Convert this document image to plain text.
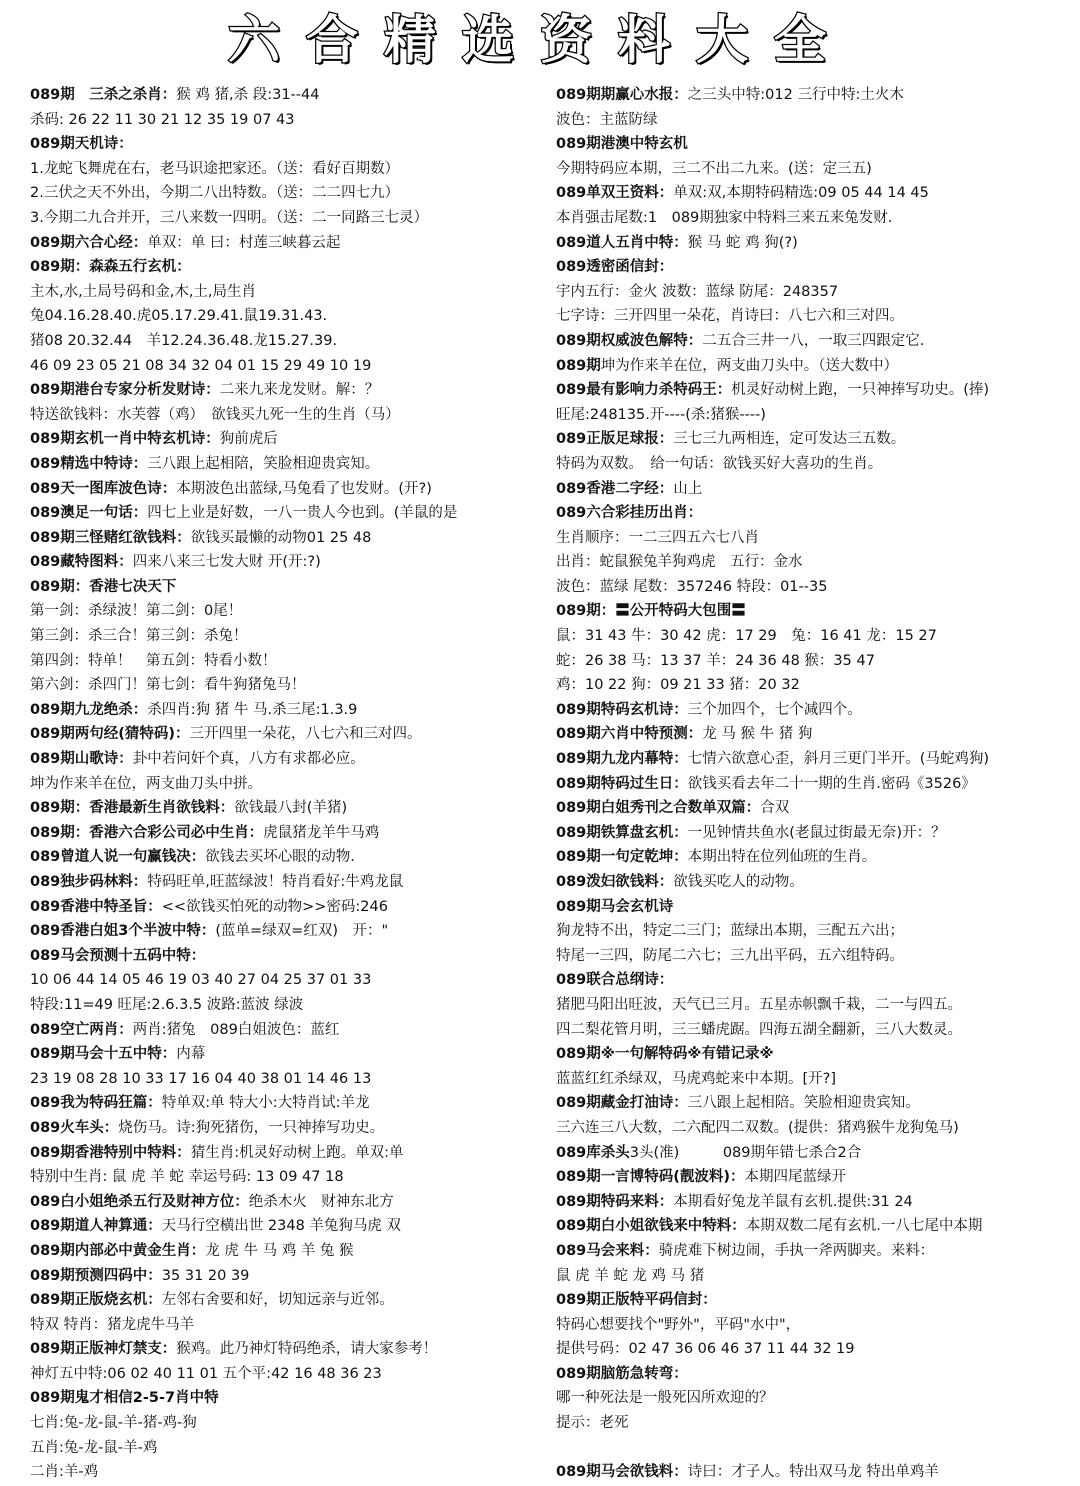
六合精选资料大全
089期　三杀之杀肖：猴 鸡 猪,杀 段:31--44
杀码: 26 22 11 30 21 12 35 19 07 43
089期天机诗：
1.龙蛇飞舞虎在右，老马识途把家还。（送：看好百期数）
2.三伏之天不外出，今期二八出特数。（送：二二四七九）
3.今期二九合并开，三八来数一四明。（送：二一同路三七灵）
089期六合心经：单双：单 曰：村莲三峡暮云起
089期：森森五行玄机：
主木,水,土局号码和金,木,土,局生肖
兔04.16.28.40.虎05.17.29.41.鼠19.31.43.
猪08 20.32.44　羊12.24.36.48.龙15.27.39.
46 09 23 05 21 08 34 32 04 01 15 29 49 10 19
089期港台专家分析发财诗：二来九来龙发财。解：？
特送欲钱料：水芙蓉（鸡）　欲钱买九死一生的生肖（马）
089期玄机一肖中特玄机诗：狗前虎后
089精选中特诗：三八跟上起相陪，笑脸相迎贵宾知。
089天一图库波色诗：本期波色出蓝绿,马兔看了也发财。(开?)
089澳足一句话：四七上业是好数，一八一贵人今也到。(羊鼠的是
089期三怪赌红欲钱料：欲钱买最懒的动物01 25 48
089藏特图料：四来八来三七发大财 开(开:?)
089期：香港七决天下
第一剑：杀绿波！第二剑：0尾！
第三剑：杀三合！第三剑：杀兔！
第四剑：特单！　第五剑：特看小数！
第六剑：杀四门！第七剑：看牛狗猪兔马！
089期九龙绝杀：杀四肖:狗 猪 牛 马.杀三尾:1.3.9
089期两句经(猜特码)：三开四里一朵花，八七六和三对四。
089期山歌诗：卦中若问奸个真，八方有求都必应。
坤为作来羊在位，两支曲刀头中拼。
089期：香港最新生肖欲钱料：欲钱最八封(羊猪)
089期：香港六合彩公司必中生肖：虎鼠猪龙羊牛马鸡
089曾道人说一句赢钱决：欲钱去买坏心眼的动物.
089独步码林料：特码旺单,旺蓝绿波！特肖看好:牛鸡龙鼠
089香港中特圣旨：<<欲钱买怕死的动物>>密码:246
089香港白姐3个半波中特：(蓝单=绿双=红双)　开："
089马会预测十五码中特：
10 06 44 14 05 46 19 03 40 27 04 25 37 01 33
特段:11=49 旺尾:2.6.3.5 波路:蓝波 绿波
089空亡两肖：两肖:猪兔　089白姐波色：蓝红
089期马会十五中特：内幕
23 19 08 28 10 33 17 16 04 40 38 01 14 46 13
089我为特码狂篇：特单双:单 特大小:大特肖试:羊龙
089火车头：烧伤马。诗:狗死猪伤，一只神捧写功史。
089期香港特别中特料：猜生肖:机灵好动树上跑。单双:单
特别中生肖: 鼠 虎 羊 蛇 幸运号码: 13 09 47 18
089白小姐绝杀五行及财神方位：绝杀木火　财神东北方
089期道人神算通：天马行空横出世 2348 羊兔狗马虎 双
089期内部必中黄金生肖：龙 虎 牛 马 鸡 羊 兔 猴
089期预测四码中：35 31 20 39
089期正版烧玄机：左邻右舍要和好，切知远亲与近邻。
特双 特肖：猪龙虎牛马羊
089期正版神灯禁支：猴鸡。此乃神灯特码绝杀，请大家参考！
神灯五中特:06 02 40 11 01 五个平:42 16 48 36 23
089期鬼才相信2-5-7肖中特
七肖:兔-龙-鼠-羊-猪-鸡-狗
五肖:兔-龙-鼠-羊-鸡
二肖:羊-鸡
089期期赢心水报：之三头中特:012 三行中特:土火木
波色：主蓝防绿
089期港澳中特玄机
今期特码应本期，三二不出二九来。(送：定三五)
089单双王资料：单双:双,本期特码精选:09 05 44 14 45
本肖强击尾数:1　089期独家中特料三来五来兔发财.
089道人五肖中特：猴 马 蛇 鸡 狗(?)
089透密函信封：
宇内五行：金火 波数：蓝绿 防尾：248357
七字诗：三开四里一朵花，肖诗曰：八七六和三对四。
089期权威波色解特：二五合三井一八，一取三四跟定它.
089期坤为作来羊在位，两支曲刀头中。（送大数中）
089最有影响力杀特码王：机灵好动树上跑，一只神捧写功史。(捧)
旺尾:248135.开----(杀:猪猴----)
089正版足球报：三七三九两相连，定可发达三五数。
特码为双数。　给一句话：欲钱买好大喜功的生肖。
089香港二字经：山上
089六合彩挂历出肖：
生肖顺序：一二三四五六七八肖
出肖：蛇鼠猴兔羊狗鸡虎　五行：金水
波色：蓝绿 尾数：357246 特段：01--35
089期：〓公开特码大包围〓
鼠：31 43 牛：30 42 虎：17 29　兔：16 41 龙：15 27
蛇：26 38 马：13 37 羊：24 36 48 猴：35 47
鸡：10 22 狗：09 21 33 猪：20 32
089期特码玄机诗：三个加四个，七个减四个。
089期六肖中特预测：龙 马 猴 牛 猪 狗
089期九龙内幕特：七情六欲意心歪，斜月三更门半开。(马蛇鸡狗)
089期特码过生日：欲钱买看去年二十一期的生肖.密码《3526》
089期白姐秀刊之合数单双篇：合双
089期铁算盘玄机：一见钟情共鱼水(老鼠过街最无奈)开：？
089期一句定乾坤：本期出特在位列仙班的生肖。
089泼妇欲钱料：欲钱买吃人的动物。
089期马会玄机诗
狗龙特不出，特定二三门；蓝绿出本期，三配五六出；
特尾一三四，防尾二六七；三九出平码，五六组特码。
089联合总纲诗：
猪肥马阳出旺波，天气已三月。五星赤帜飘千栽，二一与四五。
四二梨花管月明，三三蟠虎踞。四海五湖全翻新，三八大数灵。
089期※一句解特码※有错记录※
蓝蓝红红杀绿双，马虎鸡蛇来中本期。[开?]
089期藏金打油诗：三八跟上起相陪。笑脸相迎贵宾知。
三六连三八大数，二六配四二双数。(提供：猪鸡猴牛龙狗兔马)
089库杀头3头(准)　　　089期年错七杀合2合
089期一言博特码(靓波料)：本期四尾蓝绿开
089期特码来料：本期看好兔龙羊鼠有玄机.提供:31 24
089期白小姐欲钱来中特料：本期双数二尾有玄机.一八七尾中本期
089马会来料：骑虎难下树边闹，手执一斧两脚夹。来料：
鼠 虎 羊 蛇 龙 鸡 马 猪
089期正版特平码信封：
特码心想要找个"野外"，平码"水中"，
提供号码：02 47 36 06 46 37 11 44 32 19
089期脑筋急转弯：
哪一种死法是一般死囚所欢迎的？
提示：老死
089期马会欲钱料：诗曰：才子人。特出双马龙 特出单鸡羊
